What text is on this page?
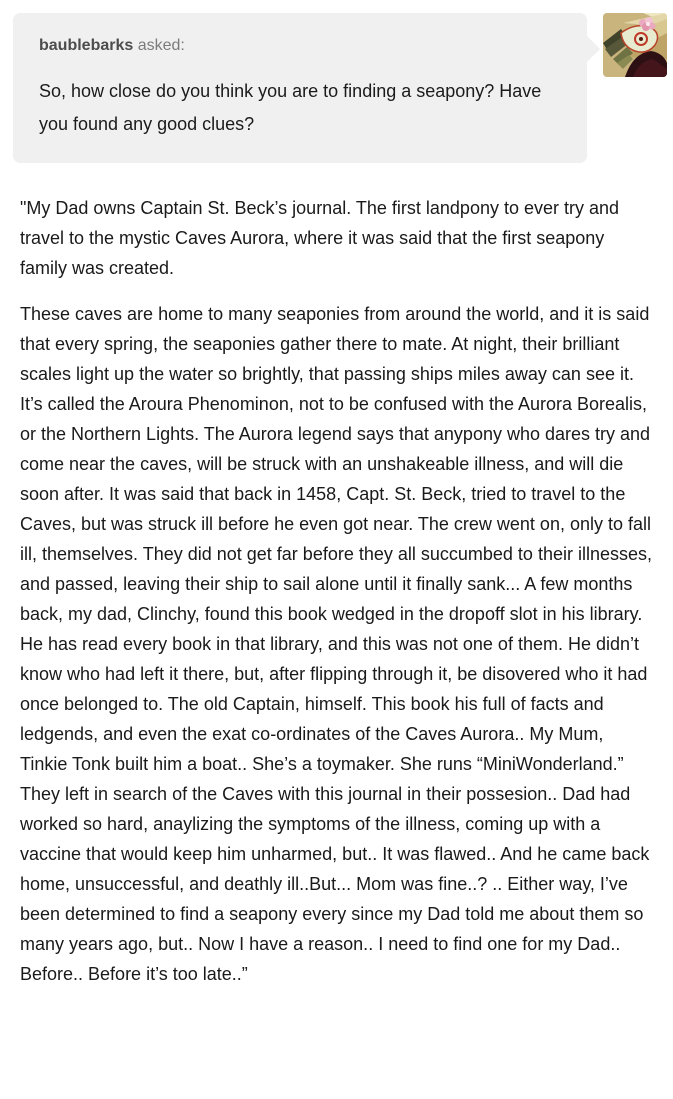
baublebarks asked:
So, how close do you think you are to finding a seapony? Have you found any good clues?

"My Dad owns Captain St. Beck’s journal. The first landpony to ever try and travel to the mystic Caves Aurora, where it was said that the first seapony family was created.

These caves are home to many seaponies from around the world, and it is said that every spring, the seaponies gather there to mate. At night, their brilliant scales light up the water so brightly, that passing ships miles away can see it. It’s called the Aroura Phenominon, not to be confused with the Aurora Borealis, or the Northern Lights. The Aurora legend says that anypony who dares try and come near the caves, will be struck with an unshakeable illness, and will die soon after. It was said that back in 1458, Capt. St. Beck, tried to travel to the Caves, but was struck ill before he even got near. The crew went on, only to fall ill, themselves. They did not get far before they all succumbed to their illnesses, and passed, leaving their ship to sail alone until it finally sank... A few months back, my dad, Clinchy, found this book wedged in the dropoff slot in his library. He has read every book in that library, and this was not one of them. He didn’t know who had left it there, but, after flipping through it, be disovered who it had once belonged to. The old Captain, himself. This book his full of facts and ledgends, and even the exat co-ordinates of the Caves Aurora.. My Mum, Tinkie Tonk built him a boat.. She’s a toymaker. She runs “MiniWonderland.” They left in search of the Caves with this journal in their possesion.. Dad had worked so hard, anaylizing the symptoms of the illness, coming up with a vaccine that would keep him unharmed, but.. It was flawed.. And he came back home, unsuccessful, and deathly ill..But... Mom was fine..? .. Either way, I’ve been determined to find a seapony every since my Dad told me about them so many years ago, but.. Now I have a reason.. I need to find one for my Dad.. Before.. Before it’s too late..”
